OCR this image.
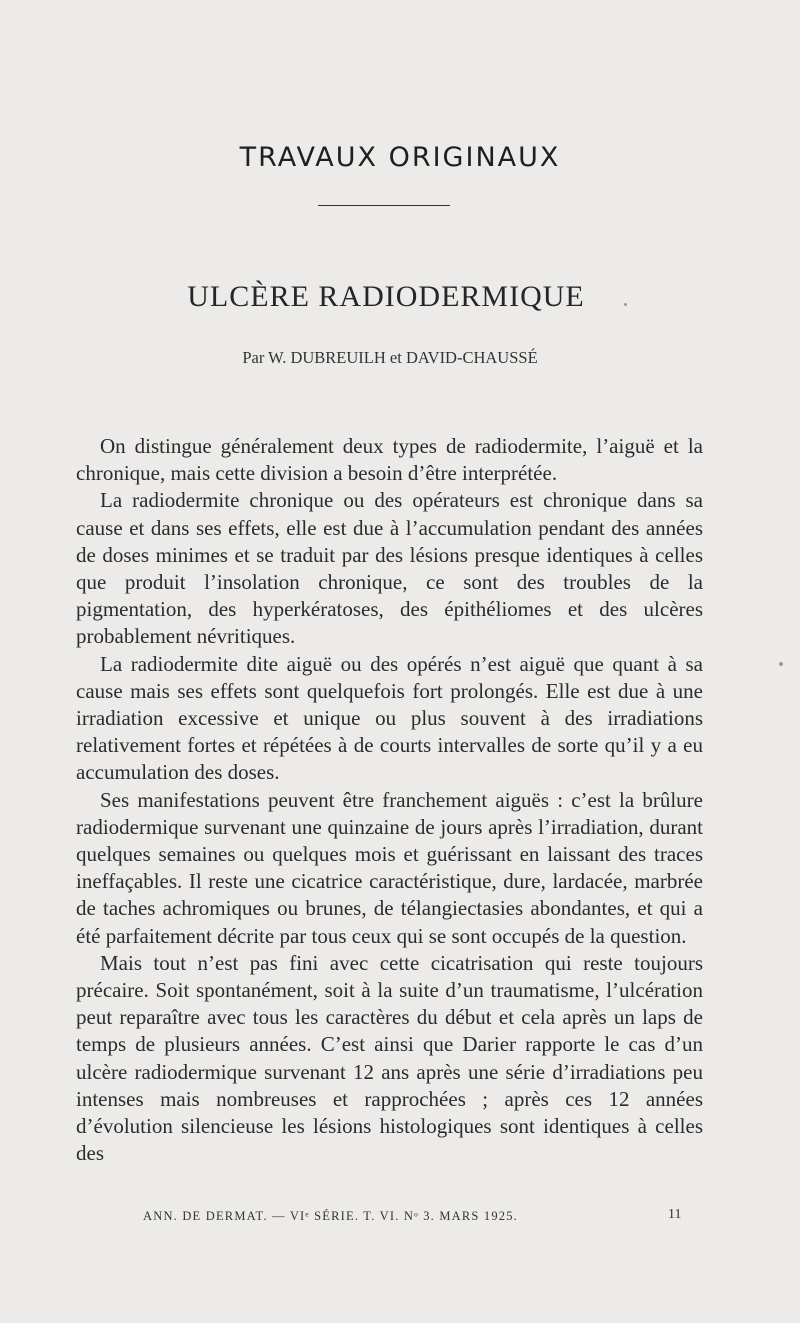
TRAVAUX ORIGINAUX
ULCÈRE RADIODERMIQUE
Par W. DUBREUILH et DAVID-CHAUSSÉ

On distingue généralement deux types de radiodermite, l’aiguë et la chronique, mais cette division a besoin d’être interprétée.

La radiodermite chronique ou des opérateurs est chronique dans sa cause et dans ses effets, elle est due à l’accumulation pendant des années de doses minimes et se traduit par des lésions presque identiques à celles que produit l’insolation chronique, ce sont des troubles de la pigmentation, des hyperkératoses, des épithéliomes et des ulcères probablement névritiques.

La radiodermite dite aiguë ou des opérés n’est aiguë que quant à sa cause mais ses effets sont quelquefois fort prolongés. Elle est due à une irradiation excessive et unique ou plus souvent à des irradiations relativement fortes et répétées à de courts intervalles de sorte qu’il y a eu accumulation des doses.

Ses manifestations peuvent être franchement aiguës : c’est la brûlure radiodermique survenant une quinzaine de jours après l’irradiation, durant quelques semaines ou quelques mois et guérissant en laissant des traces ineffaçables. Il reste une cicatrice caractéristique, dure, lardacée, marbrée de taches achromiques ou brunes, de télangiectasies abondantes, et qui a été parfaitement décrite par tous ceux qui se sont occupés de la question.

Mais tout n’est pas fini avec cette cicatrisation qui reste toujours précaire. Soit spontanément, soit à la suite d’un traumatisme, l’ulcération peut reparaître avec tous les caractères du début et cela après un laps de temps de plusieurs années. C’est ainsi que Darier rapporte le cas d’un ulcère radiodermique survenant 12 ans après une série d’irradiations peu intenses mais nombreuses et rapprochées ; après ces 12 années d’évolution silencieuse les lésions histologiques sont identiques à celles des

ANN. DE DERMAT. — VIᵉ SÉRIE. T. VI. Nᵒ 3. MARS 1925.	11
